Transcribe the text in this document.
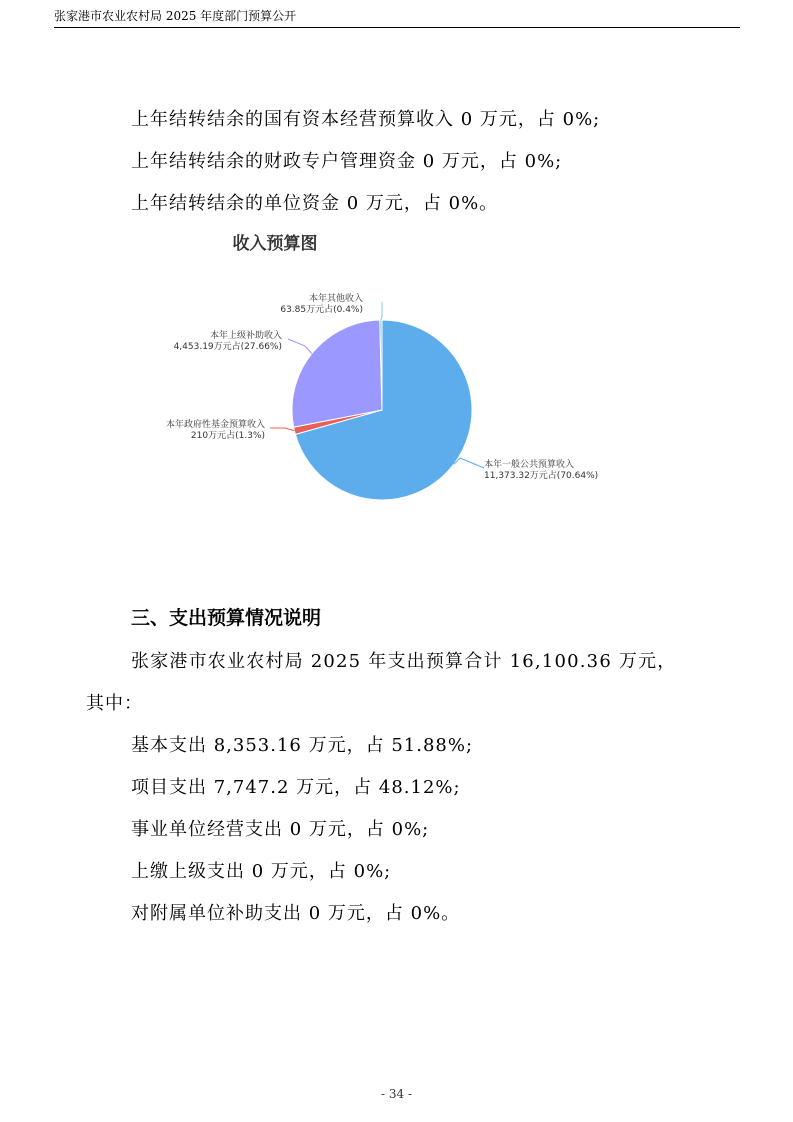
张家港市农业农村局 2025 年度部门预算公开
上年结转结余的国有资本经营预算收入 0 万元，占 0%;
上年结转结余的财政专户管理资金 0 万元，占 0%;
上年结转结余的单位资金 0 万元，占 0%。
收入预算图
本年一般公共预算收入
11,373.32万元占(70.64%)
本年政府性基金预算收入
210万元占(1.3%)
本年上级补助收入
4,453.19万元占(27.66%)
本年其他收入
63.85万元占(0.4%)
三、支出预算情况说明
张家港市农业农村局 2025 年支出预算合计 16,100.36 万元，
其中：
基本支出 8,353.16 万元，占 51.88%;
项目支出 7,747.2 万元，占 48.12%;
事业单位经营支出 0 万元，占 0%;
上缴上级支出 0 万元，占 0%;
对附属单位补助支出 0 万元，占 0%。
- 34 -
